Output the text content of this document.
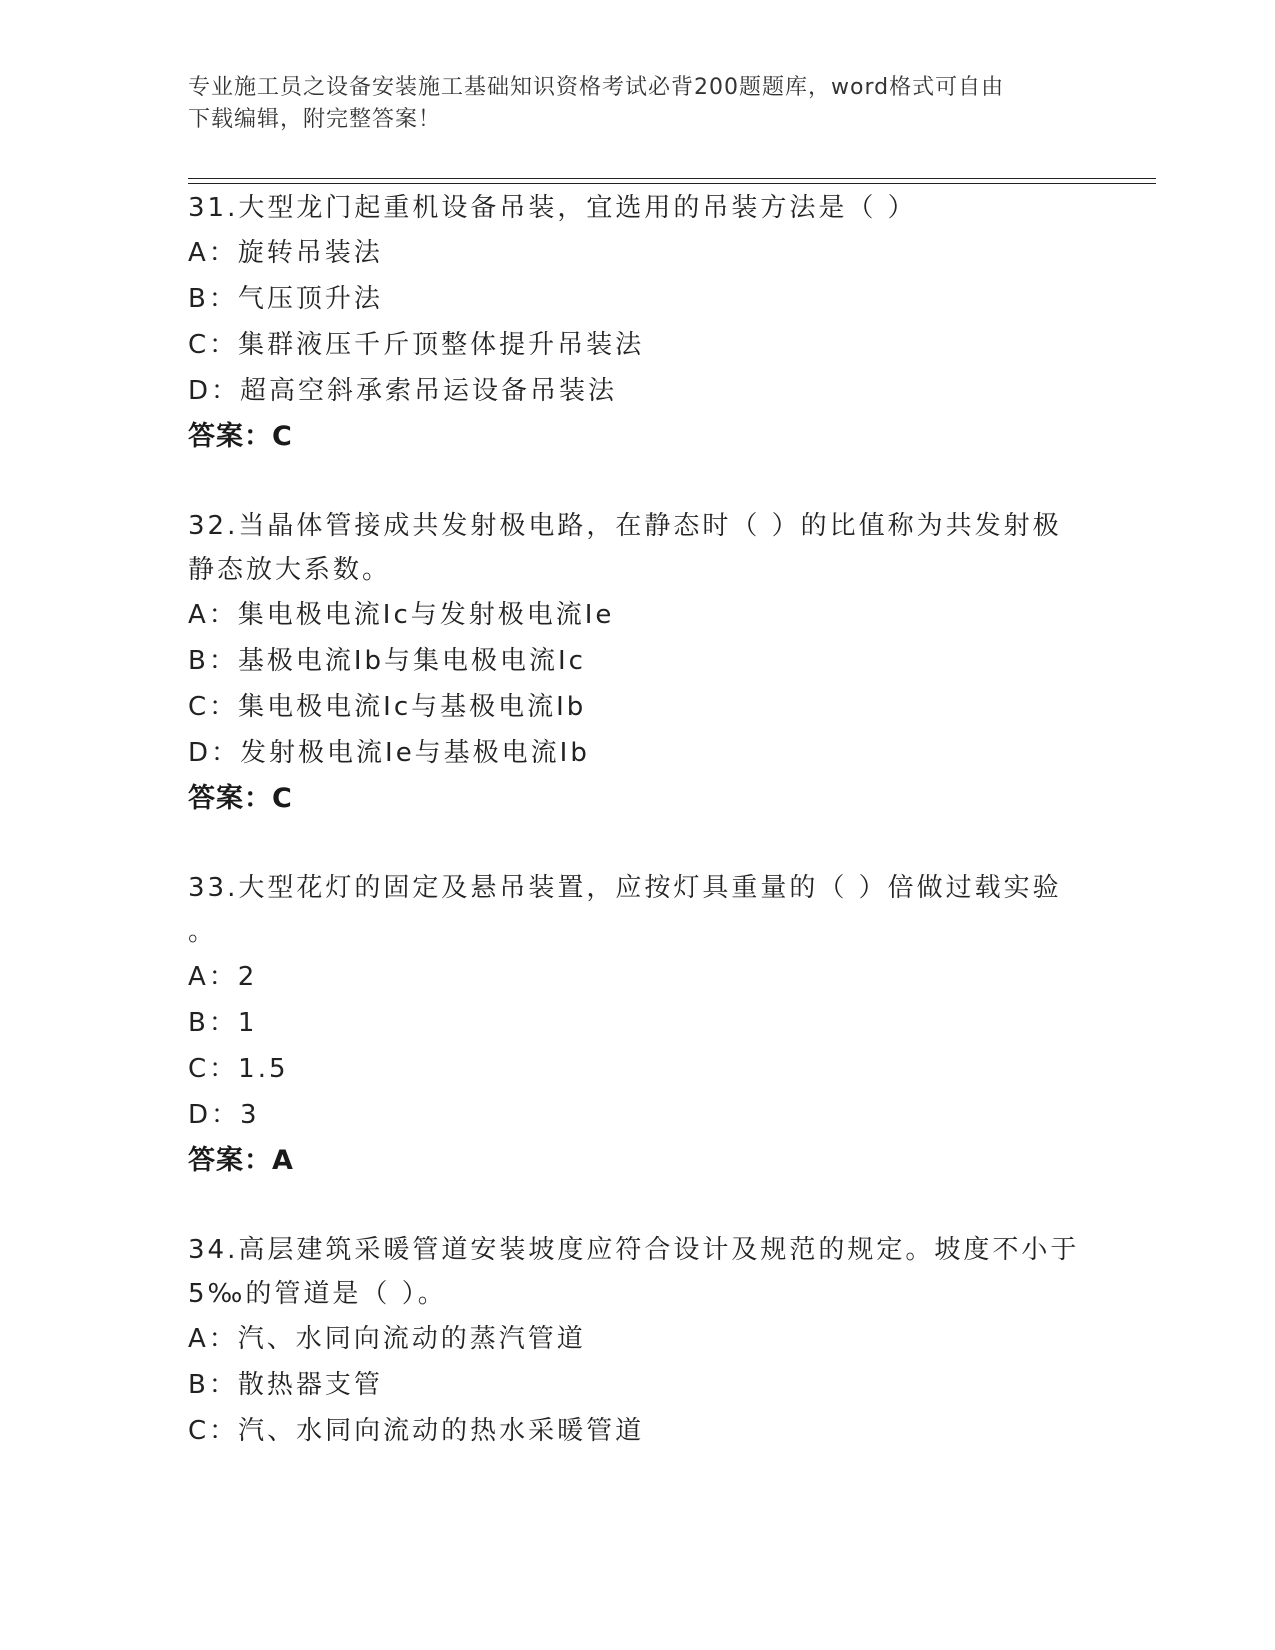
专业施工员之设备安装施工基础知识资格考试必背200题题库，word格式可自由
下载编辑，附完整答案！
31.大型龙门起重机设备吊装，宜选用的吊装方法是（ ）
A：旋转吊装法
B：气压顶升法
C：集群液压千斤顶整体提升吊装法
D：超高空斜承索吊运设备吊装法
答案：C
32.当晶体管接成共发射极电路，在静态时（ ）的比值称为共发射极
静态放大系数。
A：集电极电流Ic与发射极电流Ie
B：基极电流Ib与集电极电流Ic
C：集电极电流Ic与基极电流Ib
D：发射极电流Ie与基极电流Ib
答案：C
33.大型花灯的固定及悬吊装置，应按灯具重量的（ ）倍做过载实验
。
A：2
B：1
C：1.5
D：3
答案：A
34.高层建筑采暖管道安装坡度应符合设计及规范的规定。坡度不小于
5‰的管道是（ ）。
A：汽、水同向流动的蒸汽管道
B：散热器支管
C：汽、水同向流动的热水采暖管道
